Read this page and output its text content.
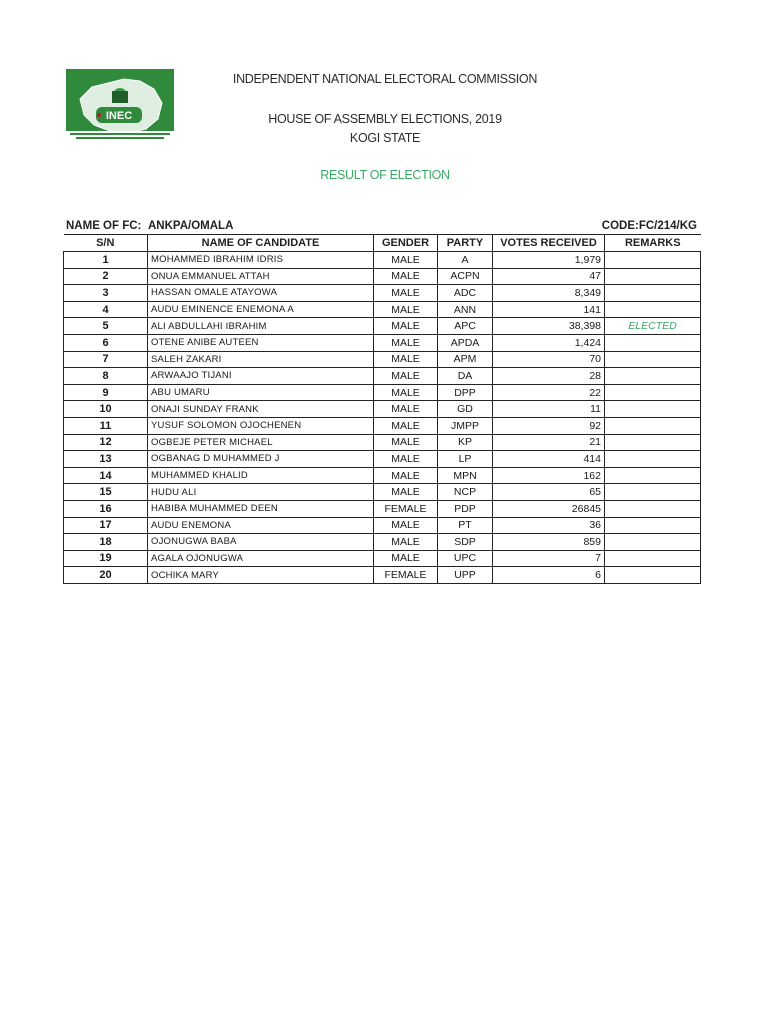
INEC
INDEPENDENT NATIONAL ELECTORAL COMMISSION
HOUSE OF ASSEMBLY ELECTIONS, 2019
KOGI STATE
RESULT OF ELECTION
NAME OF FC: ANKPA/OMALA	CODE:FC/214/KG
S/N	NAME OF CANDIDATE	GENDER	PARTY	VOTES RECEIVED	REMARKS
1	MOHAMMED IBRAHIM IDRIS	MALE	A	1,979	
2	ONUA EMMANUEL ATTAH	MALE	ACPN	47	
3	HASSAN OMALE ATAYOWA	MALE	ADC	8,349	
4	AUDU EMINENCE ENEMONA A	MALE	ANN	141	
5	ALI ABDULLAHI IBRAHIM	MALE	APC	38,398	ELECTED
6	OTENE ANIBE AUTEEN	MALE	APDA	1,424	
7	SALEH ZAKARI	MALE	APM	70	
8	ARWAAJO TIJANI	MALE	DA	28	
9	ABU UMARU	MALE	DPP	22	
10	ONAJI SUNDAY FRANK	MALE	GD	11	
11	YUSUF SOLOMON OJOCHENEN	MALE	JMPP	92	
12	OGBEJE PETER MICHAEL	MALE	KP	21	
13	OGBANAG D MUHAMMED J	MALE	LP	414	
14	MUHAMMED KHALID	MALE	MPN	162	
15	HUDU ALI	MALE	NCP	65	
16	HABIBA MUHAMMED DEEN	FEMALE	PDP	26845	
17	AUDU ENEMONA	MALE	PT	36	
18	OJONUGWA BABA	MALE	SDP	859	
19	AGALA OJONUGWA	MALE	UPC	7	
20	OCHIKA MARY	FEMALE	UPP	6	
